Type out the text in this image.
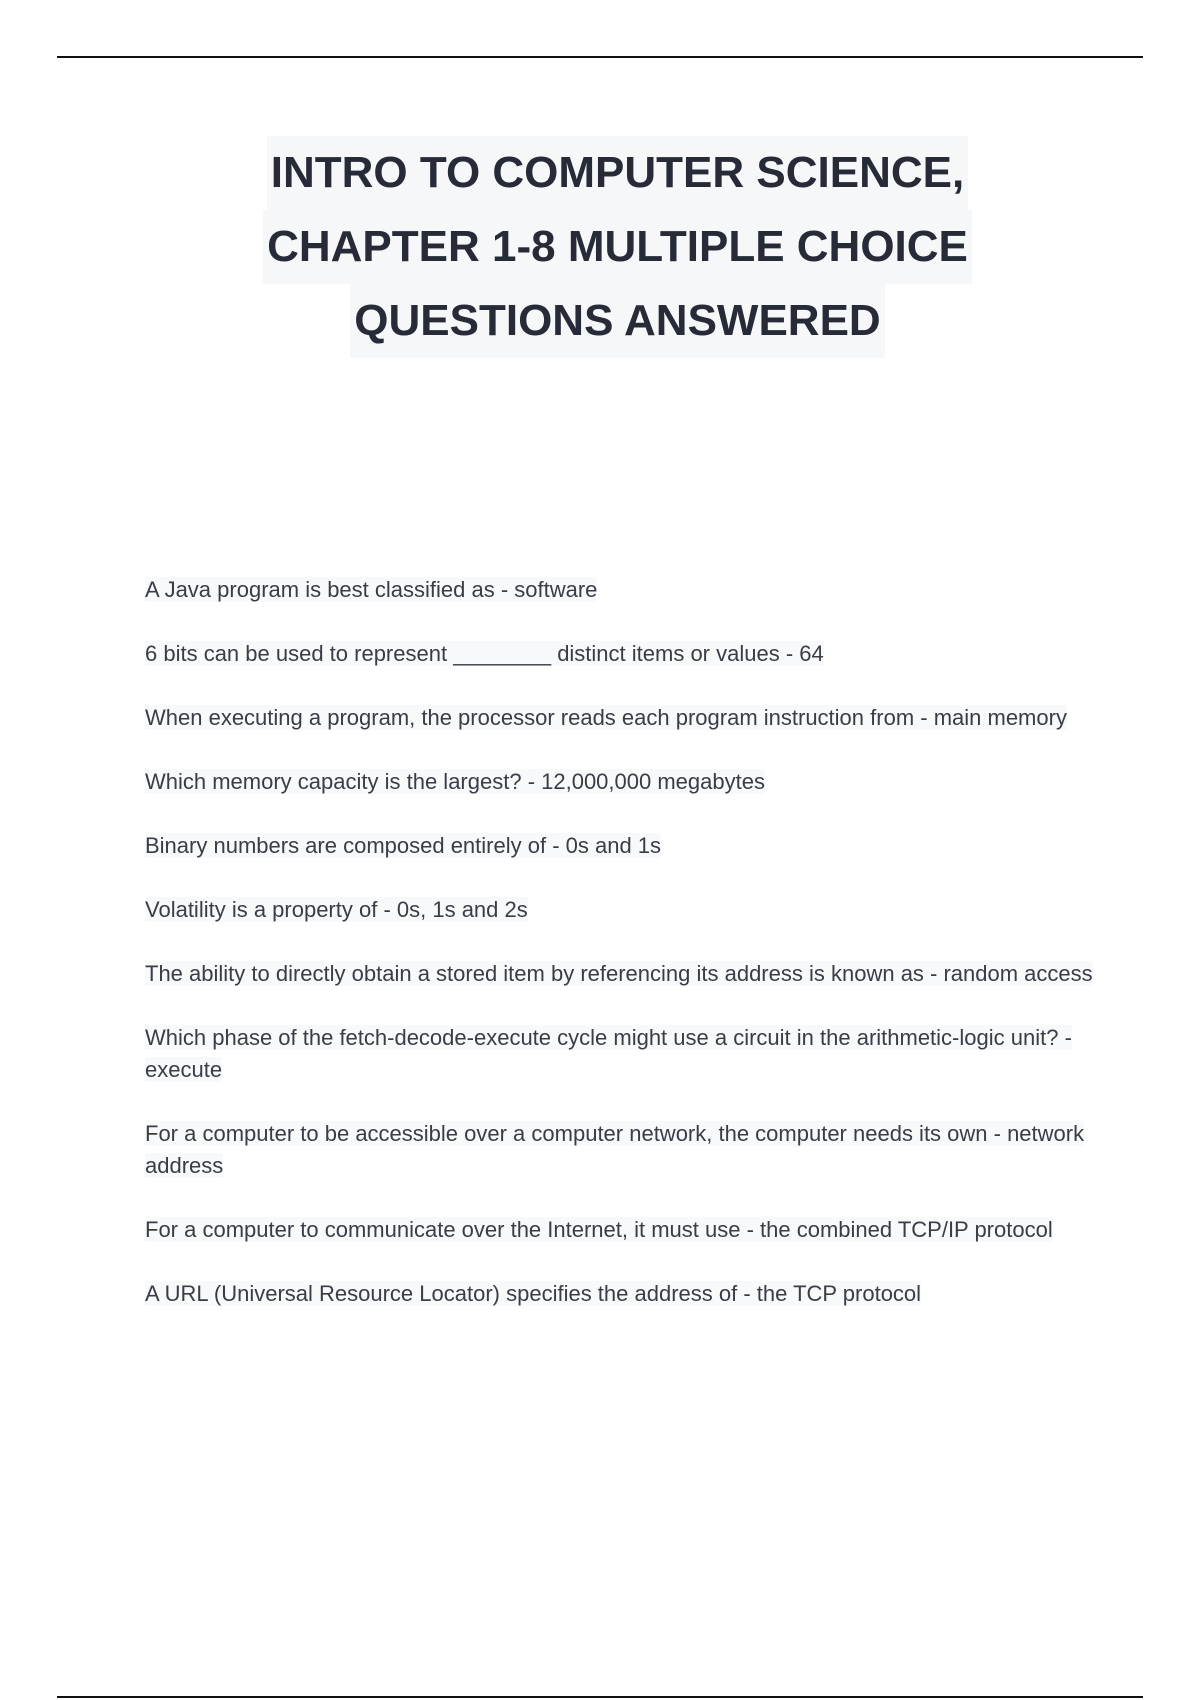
INTRO TO COMPUTER SCIENCE,
CHAPTER 1-8 MULTIPLE CHOICE
QUESTIONS ANSWERED
A Java program is best classified as - software
6 bits can be used to represent ________ distinct items or values - 64
When executing a program, the processor reads each program instruction from - main memory
Which memory capacity is the largest? - 12,000,000 megabytes
Binary numbers are composed entirely of - 0s and 1s
Volatility is a property of - 0s, 1s and 2s
The ability to directly obtain a stored item by referencing its address is known as - random access
Which phase of the fetch-decode-execute cycle might use a circuit in the arithmetic-logic unit? - execute
For a computer to be accessible over a computer network, the computer needs its own - network address
For a computer to communicate over the Internet, it must use - the combined TCP/IP protocol
A URL (Universal Resource Locator) specifies the address of - the TCP protocol
